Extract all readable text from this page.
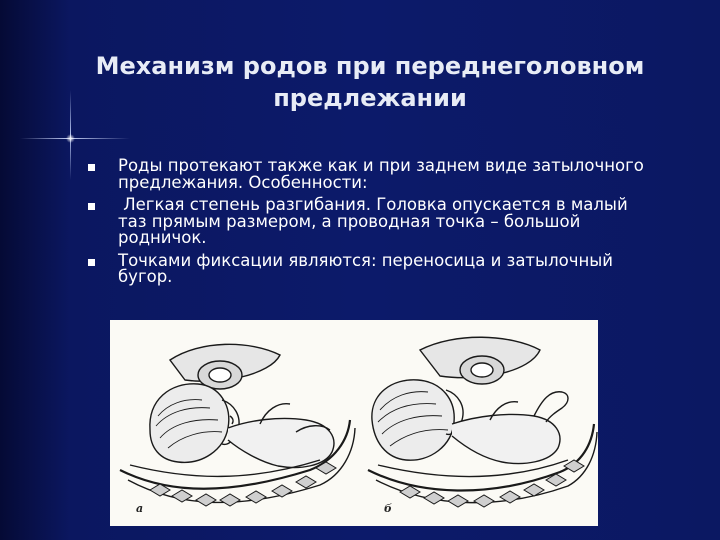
Механизм родов при переднеголовном
предлежании
Роды протекают также как и при заднем виде затылочного
предлежания. Особенности:
Легкая степень разгибания. Головка опускается в малый
таз прямым размером, а проводная точка – большой
родничок.
Точками фиксации являются: переносица и затылочный
бугор.
а	б
